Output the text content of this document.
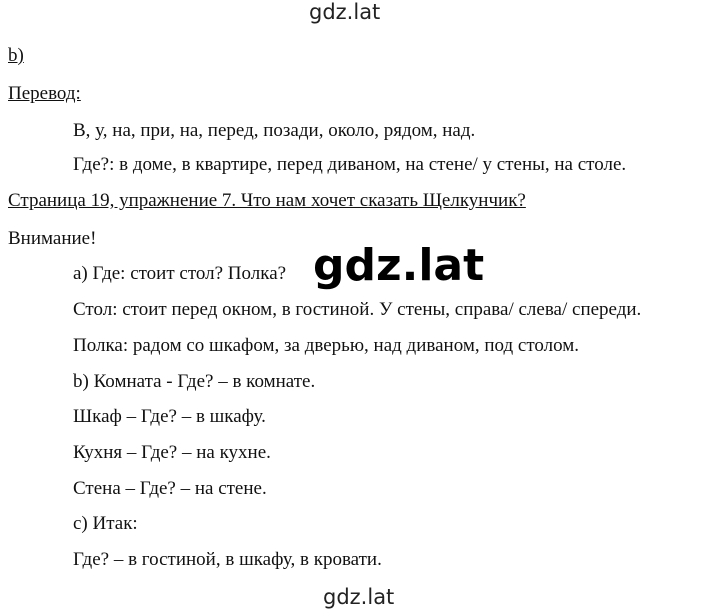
gdz.lat
b)
Перевод:
В, у, на, при, на, перед, позади, около, рядом, над.
Где?: в доме, в квартире, перед диваном, на стене/ у стены, на столе.
Страница 19, упражнение 7. Что нам хочет сказать Щелкунчик?
Внимание!
а) Где: стоит стол? Полка? gdz.lat
Стол: стоит перед окном, в гостиной. У стены, справа/ слева/ спереди.
Полка: радом со шкафом, за дверью, над диваном, под столом.
b) Комната - Где? – в комнате.
Шкаф – Где? – в шкафу.
Кухня – Где? – на кухне.
Стена – Где? – на стене.
c) Итак:
Где? – в гостиной, в шкафу, в кровати.
gdz.lat
